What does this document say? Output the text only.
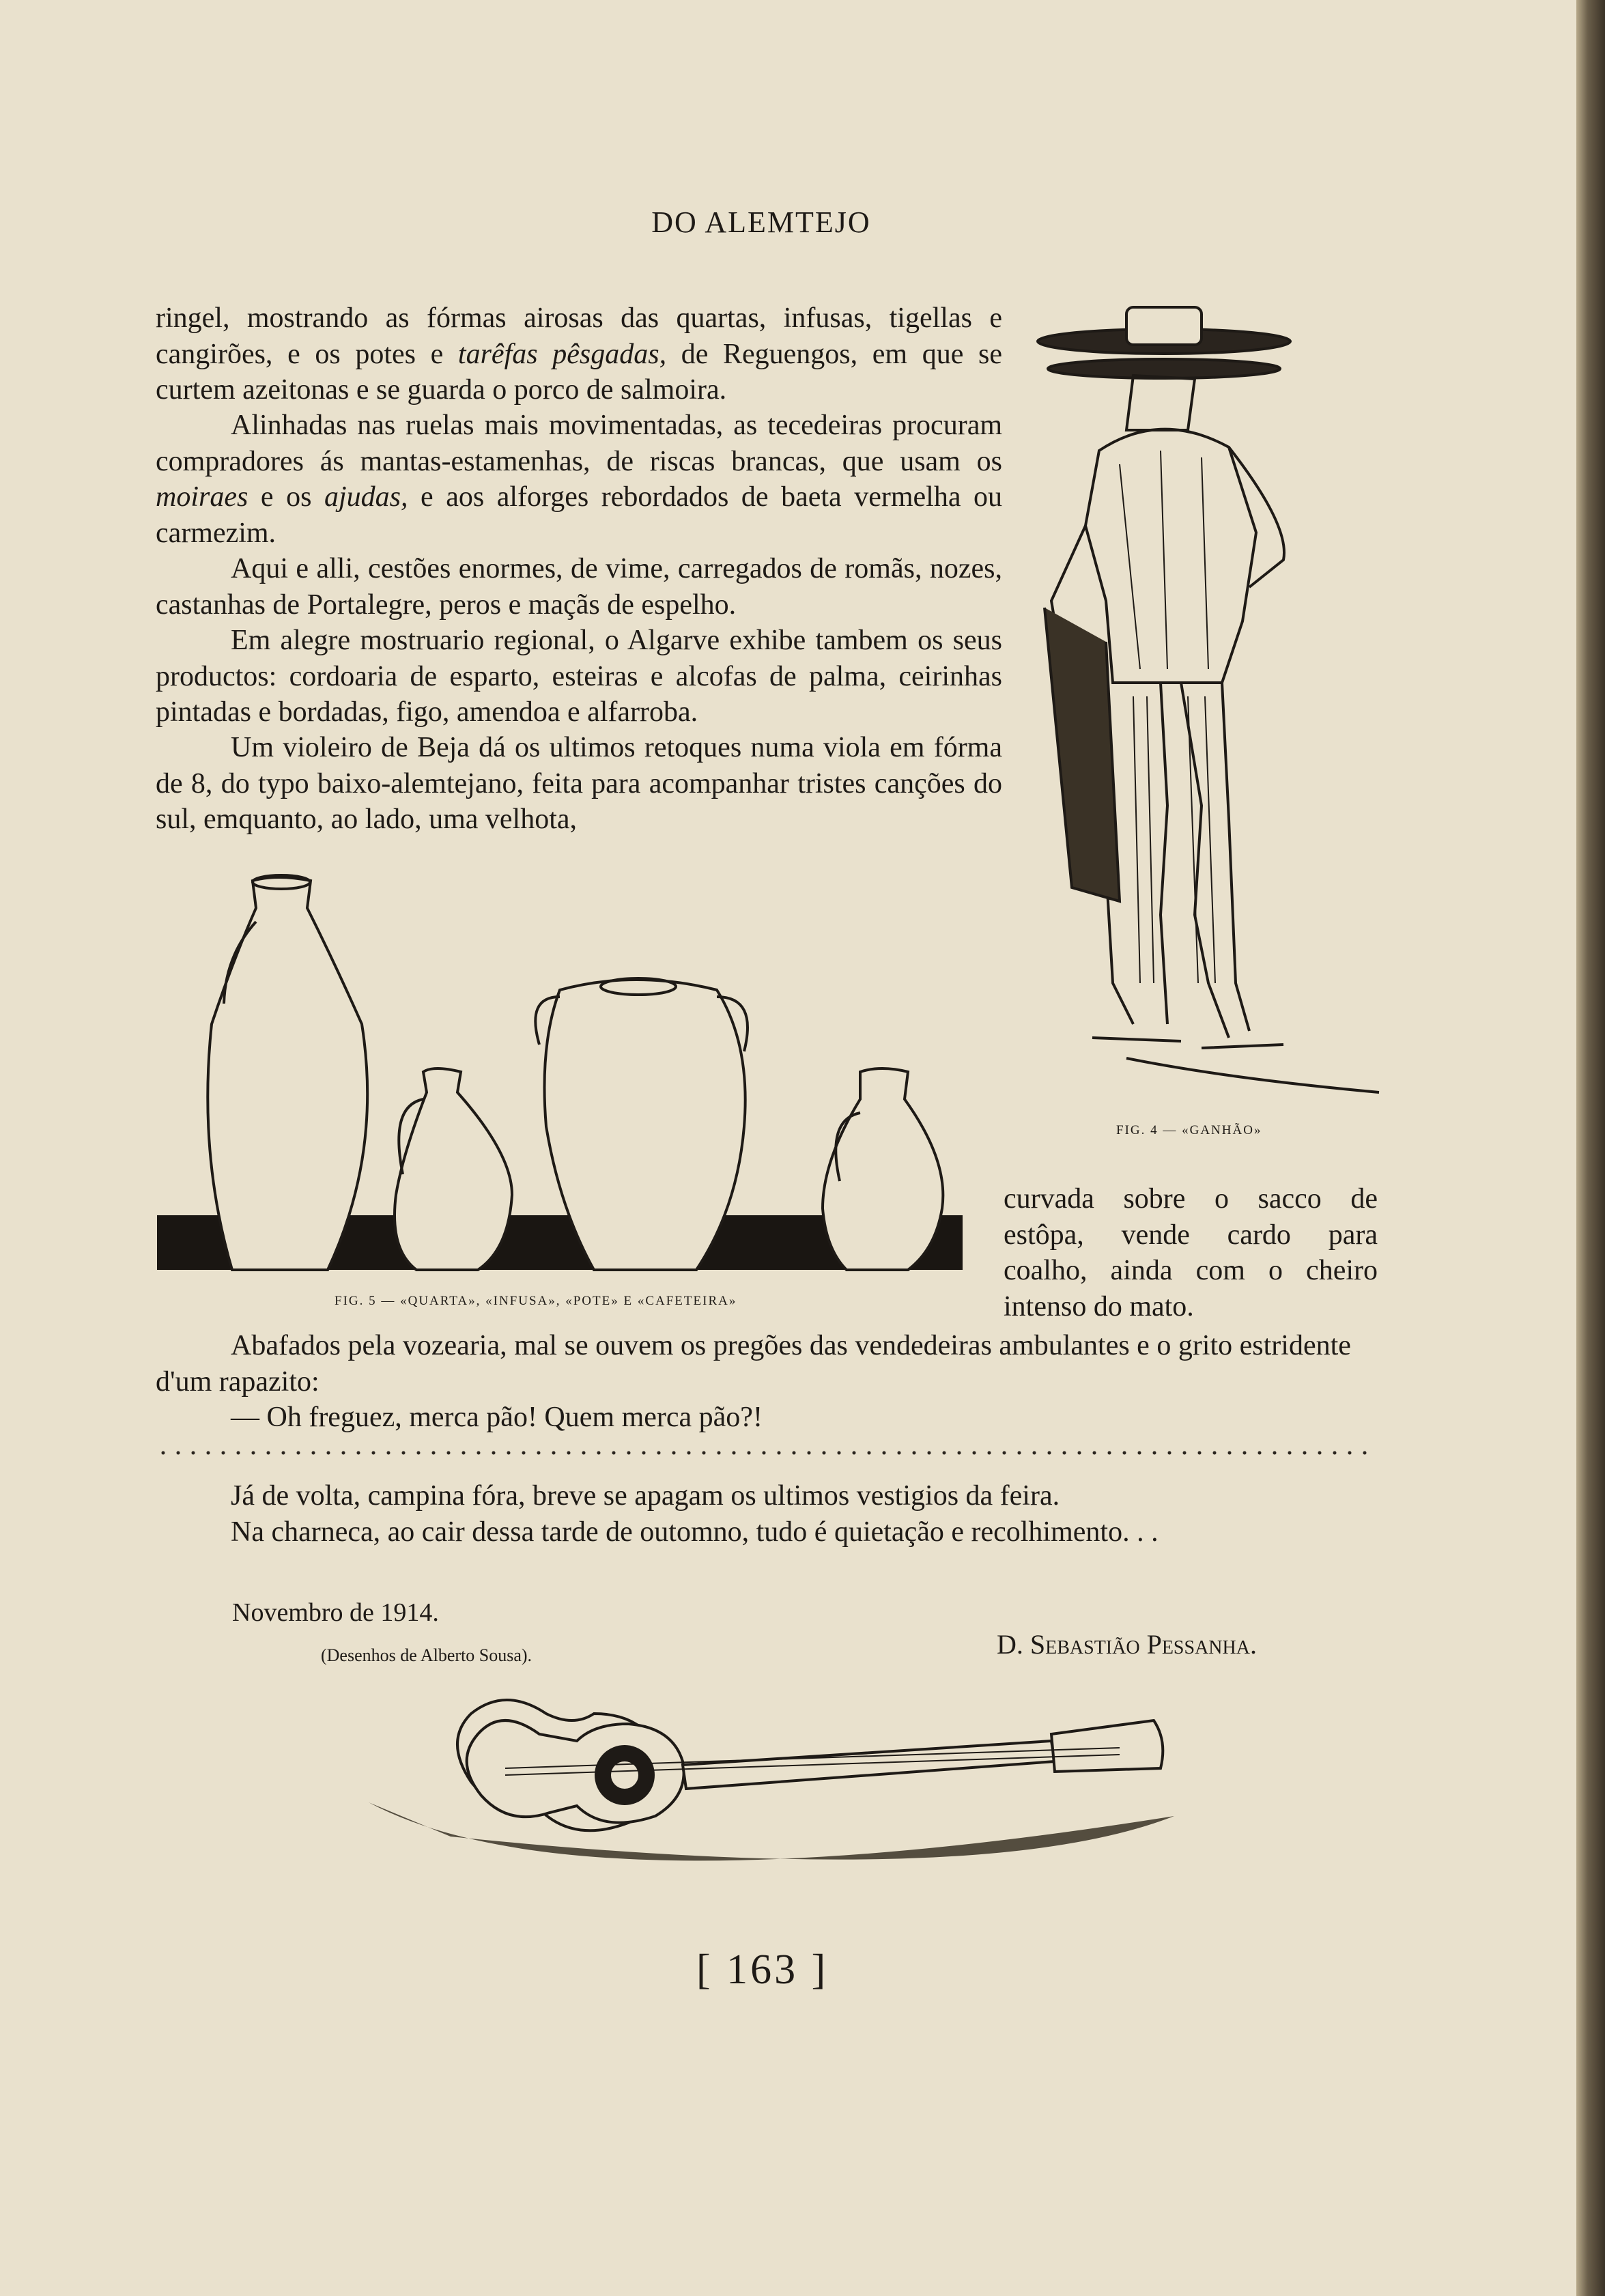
DO ALEMTEJO

ringel, mostrando as fórmas airosas das quartas, infusas, tigellas e cangirões, e os potes e tarêfas pêsgadas, de Reguengos, em que se curtem azeitonas e se guarda o porco de salmoira.

Alinhadas nas ruelas mais movimentadas, as tecedeiras procuram compradores ás mantas-estamenhas, de riscas brancas, que usam os moiraes e os ajudas, e aos alforges rebordados de baeta vermelha ou carmezim.

Aqui e alli, cestões enormes, de vime, carregados de romãs, nozes, castanhas de Portalegre, peros e maçãs de espelho.

Em alegre mostruario regional, o Algarve exhibe tambem os seus productos: cordoaria de esparto, esteiras e alcofas de palma, ceirinhas pintadas e bordadas, figo, amendoa e alfarroba.

Um violeiro de Beja dá os ultimos retoques numa viola em fórma de 8, do typo baixo-alemtejano, feita para acompanhar tristes canções do sul, emquanto, ao lado, uma velhota,

FIG. 4 — «GANHÃO»
FIG. 5 — «QUARTA», «INFUSA», «POTE» E «CAFETEIRA»

curvada sobre o sacco de estôpa, vende cardo para coalho, ainda com o cheiro intenso do mato.

Abafados pela vozearia, mal se ouvem os pregões das vendedeiras ambulantes e o grito estridente d'um rapazito:

— Oh freguez, merca pão! Quem merca pão?!

Já de volta, campina fóra, breve se apagam os ultimos vestigios da feira.

Na charneca, ao cair dessa tarde de outomno, tudo é quietação e recolhimento. . .

Novembro de 1914.
(Desenhos de Alberto Sousa).	D. Sebastião Pessanha.
[ 163 ]
